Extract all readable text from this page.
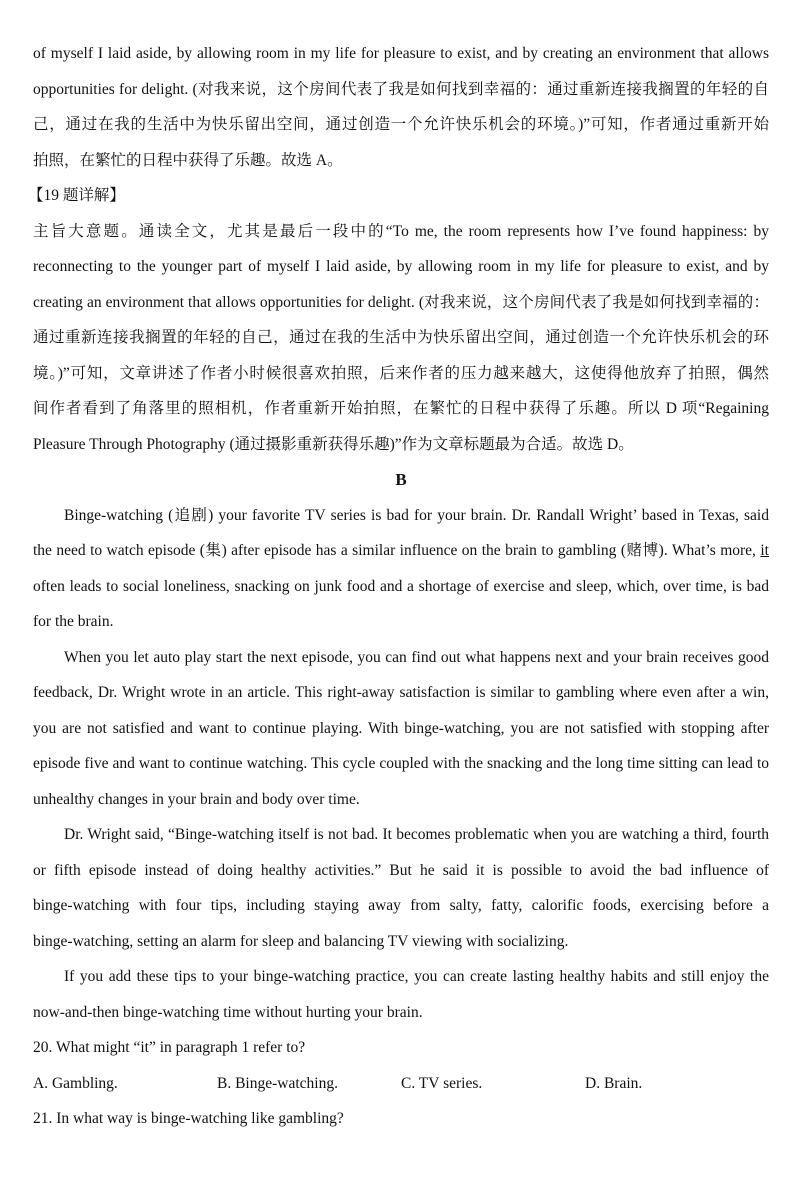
of myself I laid aside, by allowing room in my life for pleasure to exist, and by creating an environment that allows
opportunities for delight. (对我来说，这个房间代表了我是如何找到幸福的：通过重新连接我搁置的年轻的自
己，通过在我的生活中为快乐留出空间，通过创造一个允许快乐机会的环境。)”可知，作者通过重新开始
拍照，在繁忙的日程中获得了乐趣。故选 A。
【19 题详解】
主旨大意题。通读全文，尤其是最后一段中的“To me, the room represents how I’ve found happiness: by
reconnecting to the younger part of myself I laid aside, by allowing room in my life for pleasure to exist, and by
creating an environment that allows opportunities for delight. (对我来说，这个房间代表了我是如何找到幸福的：
通过重新连接我搁置的年轻的自己，通过在我的生活中为快乐留出空间，通过创造一个允许快乐机会的环
境。)”可知，文章讲述了作者小时候很喜欢拍照，后来作者的压力越来越大，这使得他放弃了拍照，偶然
间作者看到了角落里的照相机，作者重新开始拍照，在繁忙的日程中获得了乐趣。所以 D 项“Regaining
Pleasure Through Photography (通过摄影重新获得乐趣)”作为文章标题最为合适。故选 D。
B
Binge-watching (追剧) your favorite TV series is bad for your brain. Dr. Randall Wright’ based in Texas, said
the need to watch episode (集) after episode has a similar influence on the brain to gambling (赌博). What’s more, it
often leads to social loneliness, snacking on junk food and a shortage of exercise and sleep, which, over time, is bad
for the brain.
When you let auto play start the next episode, you can find out what happens next and your brain receives good
feedback, Dr. Wright wrote in an article. This right-away satisfaction is similar to gambling where even after a win,
you are not satisfied and want to continue playing. With binge-watching, you are not satisfied with stopping after
episode five and want to continue watching. This cycle coupled with the snacking and the long time sitting can lead to
unhealthy changes in your brain and body over time.
Dr. Wright said, “Binge-watching itself is not bad. It becomes problematic when you are watching a third, fourth
or fifth episode instead of doing healthy activities.” But he said it is possible to avoid the bad influence of
binge-watching with four tips, including staying away from salty, fatty, calorific foods, exercising before a
binge-watching, setting an alarm for sleep and balancing TV viewing with socializing.
If you add these tips to your binge-watching practice, you can create lasting healthy habits and still enjoy the
now-and-then binge-watching time without hurting your brain.
20. What might “it” in paragraph 1 refer to?
A. Gambling.	B. Binge-watching.	C. TV series.	D. Brain.
21. In what way is binge-watching like gambling?
